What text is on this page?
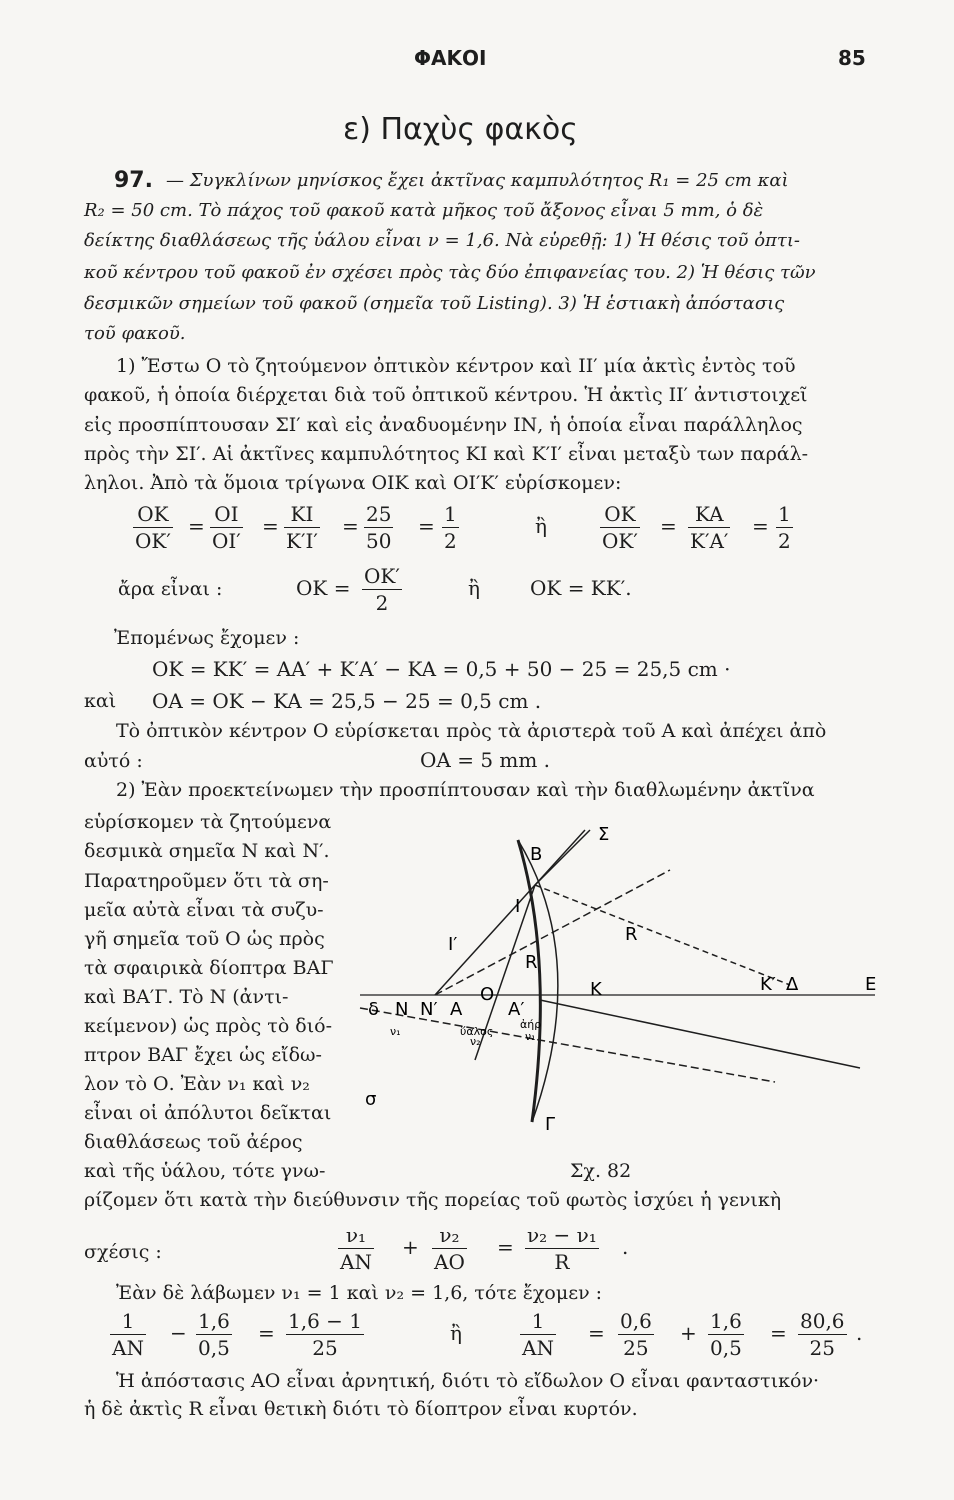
ΦΑΚΟΙ	85
ε) Παχὺς φακὸς
97. — Συγκλίνων μηνίσκος ἔχει ἀκτῖνας καμπυλότητος R₁ = 25 cm καὶ
R₂ = 50 cm. Τὸ πάχος τοῦ φακοῦ κατὰ μῆκος τοῦ ἄξονος εἶναι 5 mm, ὁ δὲ
δείκτης διαθλάσεως τῆς ὑάλου εἶναι ν = 1,6. Νὰ εὑρεθῇ: 1) Ἡ θέσις τοῦ ὀπτι-
κοῦ κέντρου τοῦ φακοῦ ἐν σχέσει πρὸς τὰς δύο ἐπιφανείας του. 2) Ἡ θέσις τῶν
δεσμικῶν σημείων τοῦ φακοῦ (σημεῖα τοῦ Listing). 3) Ἡ ἑστιακὴ ἀπόστασις
τοῦ φακοῦ.
1) Ἔστω Ο τὸ ζητούμενον ὀπτικὸν κέντρον καὶ ΙΙ′ μία ἀκτὶς ἐντὸς τοῦ
φακοῦ, ἡ ὁποία διέρχεται διὰ τοῦ ὀπτικοῦ κέντρου. Ἡ ἀκτὶς ΙΙ′ ἀντιστοιχεῖ
εἰς προσπίπτουσαν ΣΙ′ καὶ εἰς ἀναδυομένην ΙΝ, ἡ ὁποία εἶναι παράλληλος
πρὸς τὴν ΣΙ′. Αἱ ἀκτῖνες καμπυλότητος ΚΙ καὶ Κ′Ι′ εἶναι μεταξὺ των παράλ-
ληλοι. Ἀπὸ τὰ ὅμοια τρίγωνα ΟΙΚ καὶ ΟΙ′Κ′ εὑρίσκομεν:
$\frac{OK}{OK'} = \frac{OI}{OI'} = \frac{KI}{K'I'} = \frac{25}{50} = \frac{1}{2}$	ἢ	$\frac{OK}{OK'} = \frac{KA}{K'A'} = \frac{1}{2}$
ἄρα εἶναι :	OK = $\frac{OK'}{2}$	ἢ	OK = KK′.
Ἐπομένως ἔχομεν :
OK = KK′ = AA′ + K′A′ − KA = 0,5 + 50 − 25 = 25,5 cm ·
καὶ OA = OK − KA = 25,5 − 25 = 0,5 cm .
Τὸ ὀπτικὸν κέντρον Ο εὑρίσκεται πρὸς τὰ ἀριστερὰ τοῦ Α καὶ ἀπέχει ἀπὸ
αὐτό :	OA = 5 mm .
2) Ἐὰν προεκτείνωμεν τὴν προσπίπτουσαν καὶ τὴν διαθλωμένην ἀκτῖνα
εὑρίσκομεν τὰ ζητούμενα
δεσμικὰ σημεῖα Ν καὶ Ν′.
Παρατηροῦμεν ὅτι τὰ ση-
μεῖα αὐτὰ εἶναι τὰ συζυ-
γῆ σημεῖα τοῦ Ο ὡς πρὸς
τὰ σφαιρικὰ δίοπτρα ΒΑΓ
καὶ ΒΑ′Γ. Τὸ Ν (ἀντι-
κείμενον) ὡς πρὸς τὸ διό-
πτρον ΒΑΓ ἔχει ὡς εἴδω-
λον τὸ Ο. Ἐὰν ν₁ καὶ ν₂
εἶναι οἱ ἀπόλυτοι δεῖκται
διαθλάσεως τοῦ ἀέρος
καὶ τῆς ὑάλου, τότε γνω-
B
Σ
I
R
I′
R
K′ Δ	E
K
δ N N′ A	A′
O
ν₁
ν₂	ν₁
ὕαλος
ἀήρ
σ
Γ
Σχ. 82
ρίζομεν ὅτι κατὰ τὴν διεύθυνσιν τῆς πορείας τοῦ φωτὸς ἰσχύει ἡ γενικὴ
σχέσις :	$\frac{\text{ν₁}}{AN} + \frac{\text{ν₂}}{AO} = \frac{\text{ν₂ − ν₁}}{R}$ .
Ἐὰν δὲ λάβωμεν ν₁ = 1 καὶ ν₂ = 1,6, τότε ἔχομεν :
$\frac{1}{AN} - \frac{1,6}{0,5} = \frac{1,6 - 1}{25}$	ἢ	$\frac{1}{AN} = \frac{0,6}{25} + \frac{1,6}{0,5} = \frac{80,6}{25}$ .
Ἡ ἀπόστασις ΑΟ εἶναι ἀρνητική, διότι τὸ εἴδωλον Ο εἶναι φανταστικόν·
ἡ δὲ ἀκτὶς R εἶναι θετικὴ διότι τὸ δίοπτρον εἶναι κυρτόν.
